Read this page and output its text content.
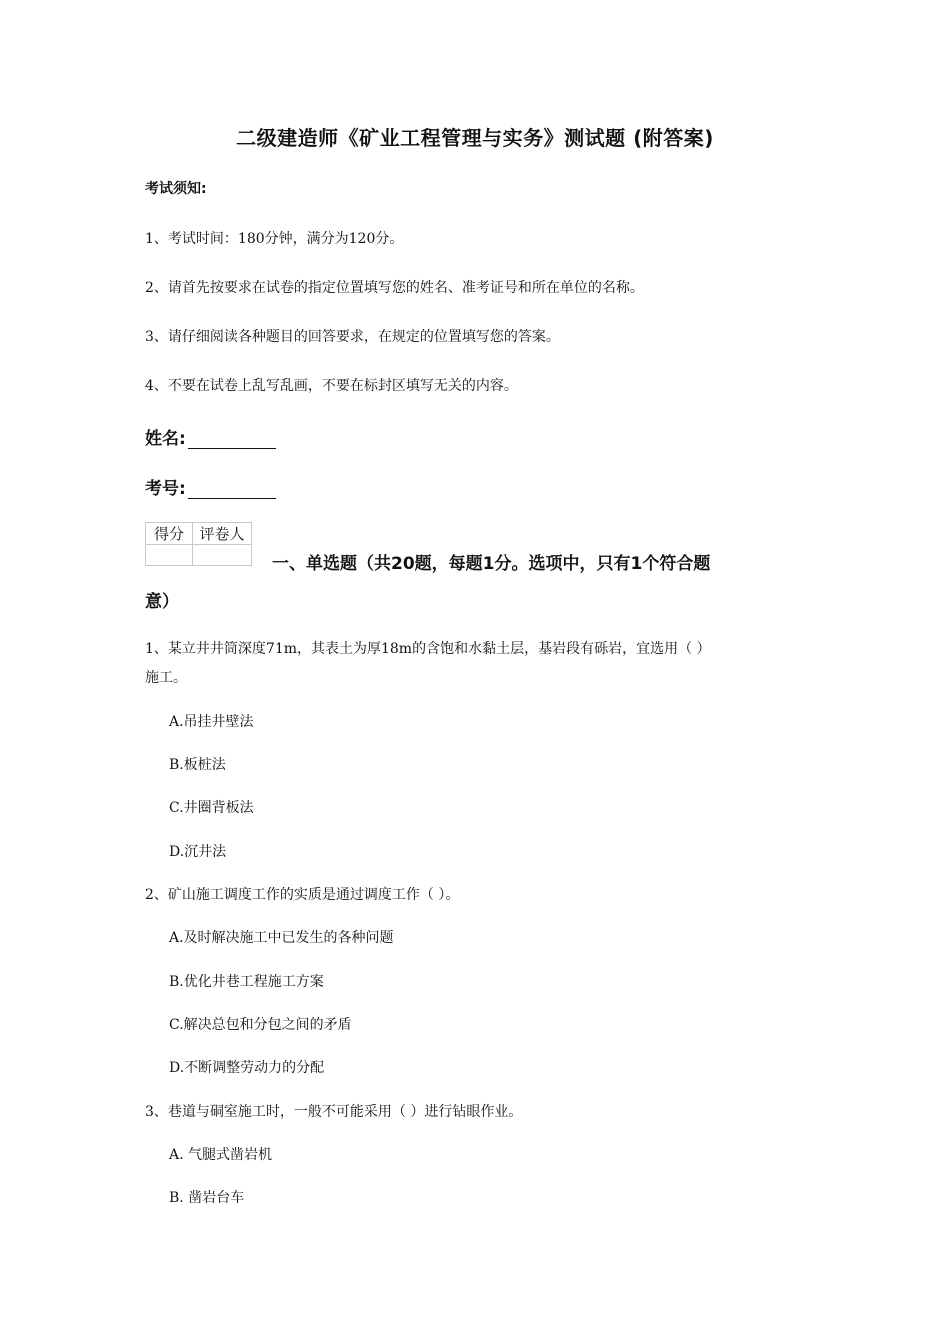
二级建造师《矿业工程管理与实务》测试题 (附答案)
考试须知:
1、考试时间：180分钟，满分为120分。
2、请首先按要求在试卷的指定位置填写您的姓名、准考证号和所在单位的名称。
3、请仔细阅读各种题目的回答要求，在规定的位置填写您的答案。
4、不要在试卷上乱写乱画，不要在标封区填写无关的内容。
姓名:
考号:
得分	评卷人

一、单选题（共20题，每题1分。选项中，只有1个符合题
意）
1、某立井井筒深度71m，其表土为厚18m的含饱和水黏土层，基岩段有砾岩，宜选用（ ）
施工。
A.吊挂井壁法
B.板桩法
C.井圈背板法
D.沉井法
2、矿山施工调度工作的实质是通过调度工作（ ）。
A.及时解决施工中已发生的各种问题
B.优化井巷工程施工方案
C.解决总包和分包之间的矛盾
D.不断调整劳动力的分配
3、巷道与硐室施工时，一般不可能采用（ ）进行钻眼作业。
A. 气腿式凿岩机
B. 凿岩台车
